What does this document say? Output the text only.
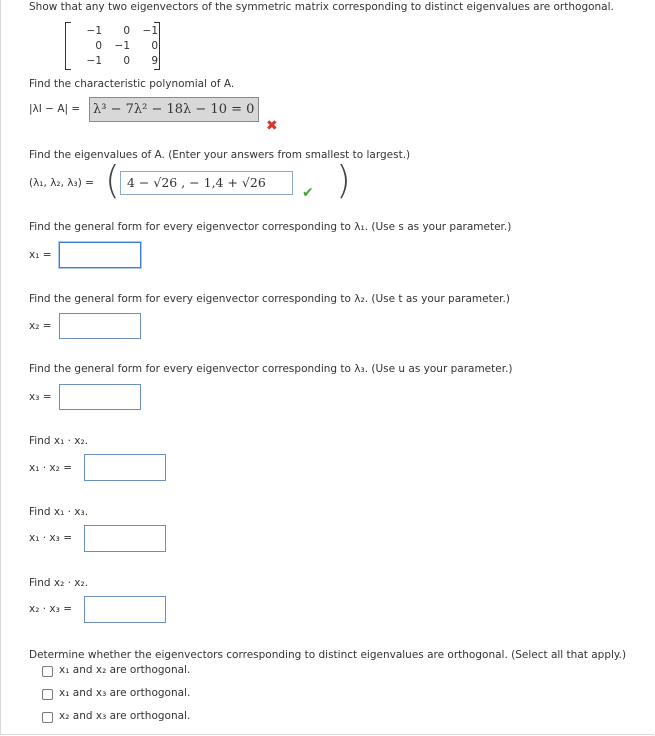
Show that any two eigenvectors of the symmetric matrix corresponding to distinct eigenvalues are orthogonal.
−1	0	−1
0	−1	0
−1	0	9
Find the characteristic polynomial of A.
|λI − A| = λ³ − 7λ² − 18λ − 10 = 0
✖
Find the eigenvalues of A. (Enter your answers from smallest to largest.)
(λ₁, λ₂, λ₃) = ( 4 − √26 , − 1,4 + √26
✔ )
Find the general form for every eigenvector corresponding to λ₁. (Use s as your parameter.)
x₁ =
Find the general form for every eigenvector corresponding to λ₂. (Use t as your parameter.)
x₂ =
Find the general form for every eigenvector corresponding to λ₃. (Use u as your parameter.)
x₃ =
Find x₁ · x₂.
x₁ · x₂ =
Find x₁ · x₃.
x₁ · x₃ =
Find x₂ · x₂.
x₂ · x₃ =
Determine whether the eigenvectors corresponding to distinct eigenvalues are orthogonal. (Select all that apply.)
x₁ and x₂ are orthogonal.
x₁ and x₃ are orthogonal.
x₂ and x₃ are orthogonal.
